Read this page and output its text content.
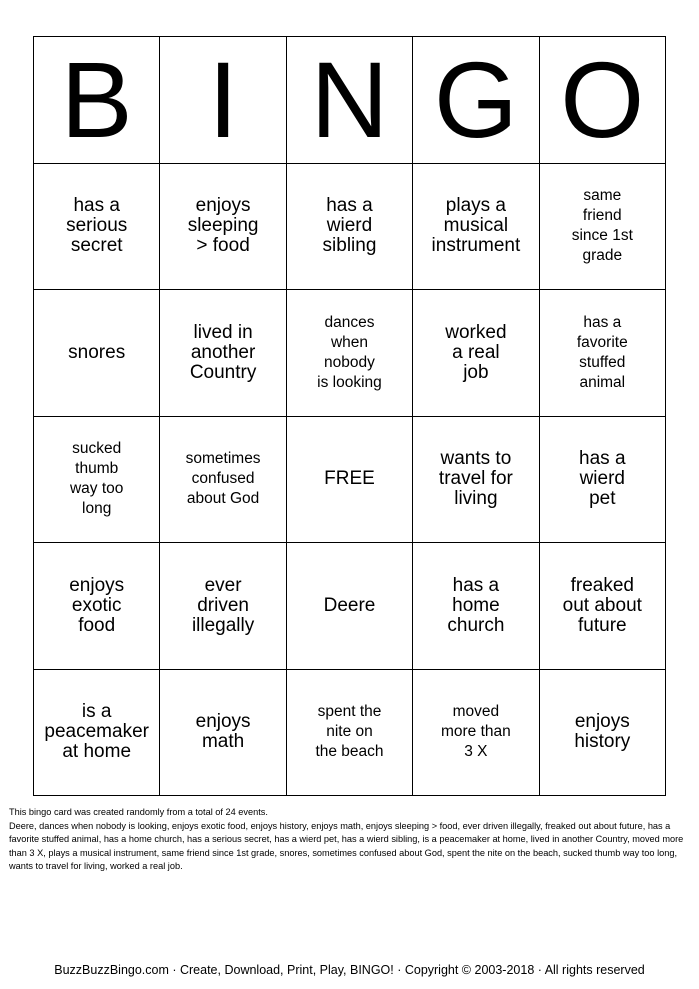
B I N G O
has a
serious
secret
enjoys
sleeping
> food
has a
wierd
sibling
plays a
musical
instrument
same
friend
since 1st
grade
snores
lived in
another
Country
dances
when
nobody
is looking
worked
a real
job
has a
favorite
stuffed
animal
sucked
thumb
way too
long
sometimes
confused
about God
FREE
wants to
travel for
living
has a
wierd
pet
enjoys
exotic
food
ever
driven
illegally
Deere
has a
home
church
freaked
out about
future
is a
peacemaker
at home
enjoys
math
spent the
nite on
the beach
moved
more than
3 X
enjoys
history
This bingo card was created randomly from a total of 24 events.
Deere, dances when nobody is looking, enjoys exotic food, enjoys history, enjoys math, enjoys sleeping > food, ever driven illegally, freaked out about future, has a favorite stuffed animal, has a home church, has a serious secret, has a wierd pet, has a wierd sibling, is a peacemaker at home, lived in another Country, moved more than 3 X, plays a musical instrument, same friend since 1st grade, snores, sometimes confused about God, spent the nite on the beach, sucked thumb way too long, wants to travel for living, worked a real job.
BuzzBuzzBingo.com · Create, Download, Print, Play, BINGO! · Copyright © 2003-2018 · All rights reserved
